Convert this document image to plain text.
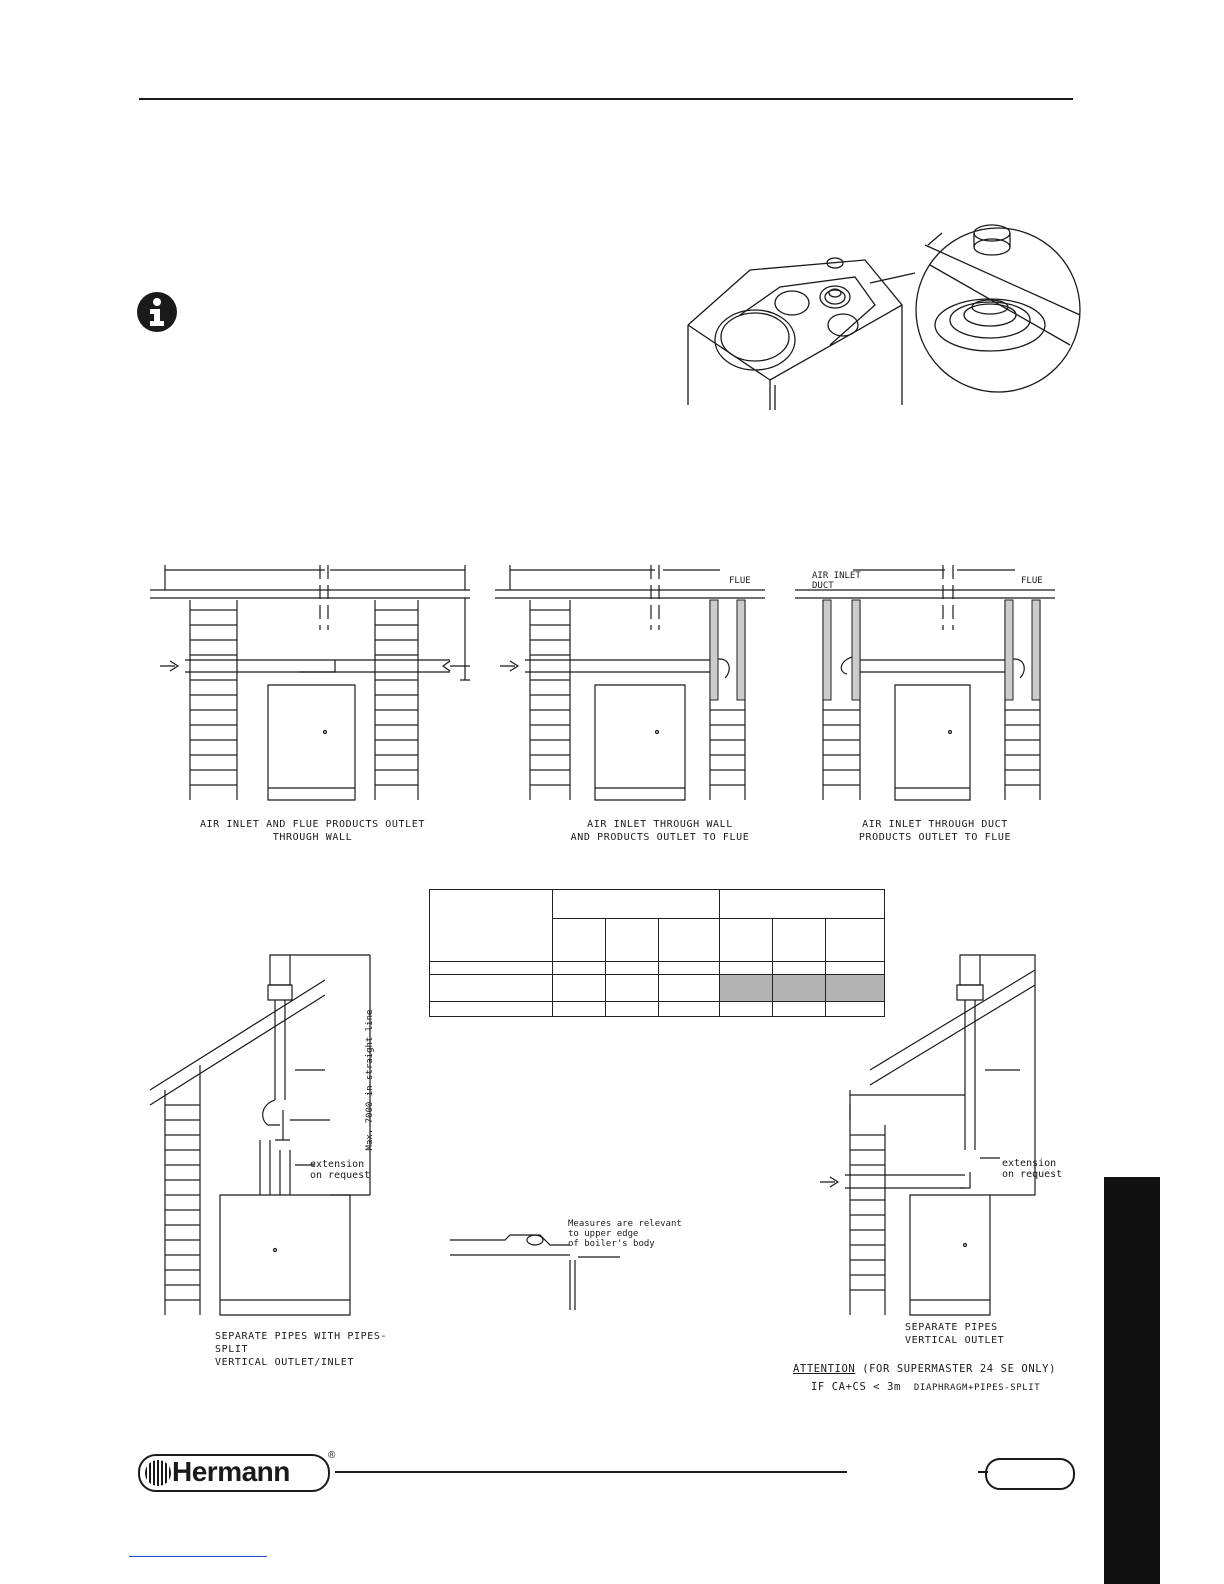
AIR INLET AND FLUE PRODUCTS OUTLET
THROUGH WALL
FLUE
AIR INLET THROUGH WALL
AND PRODUCTS OUTLET TO FLUE
AIR INLET
DUCT	FLUE
AIR INLET THROUGH DUCT
PRODUCTS OUTLET TO FLUE

Max. 7000 in straight line
extension
on request
SEPARATE PIPES WITH PIPES-SPLIT
VERTICAL OUTLET/INLET
Measures are relevant
to upper edge
of boiler's body
extension
on request
SEPARATE PIPES
VERTICAL OUTLET
ATTENTION (FOR SUPERMASTER 24 SE ONLY)
IF CA+CS < 3m DIAPHRAGM+PIPES-SPLIT
Hermann
®
